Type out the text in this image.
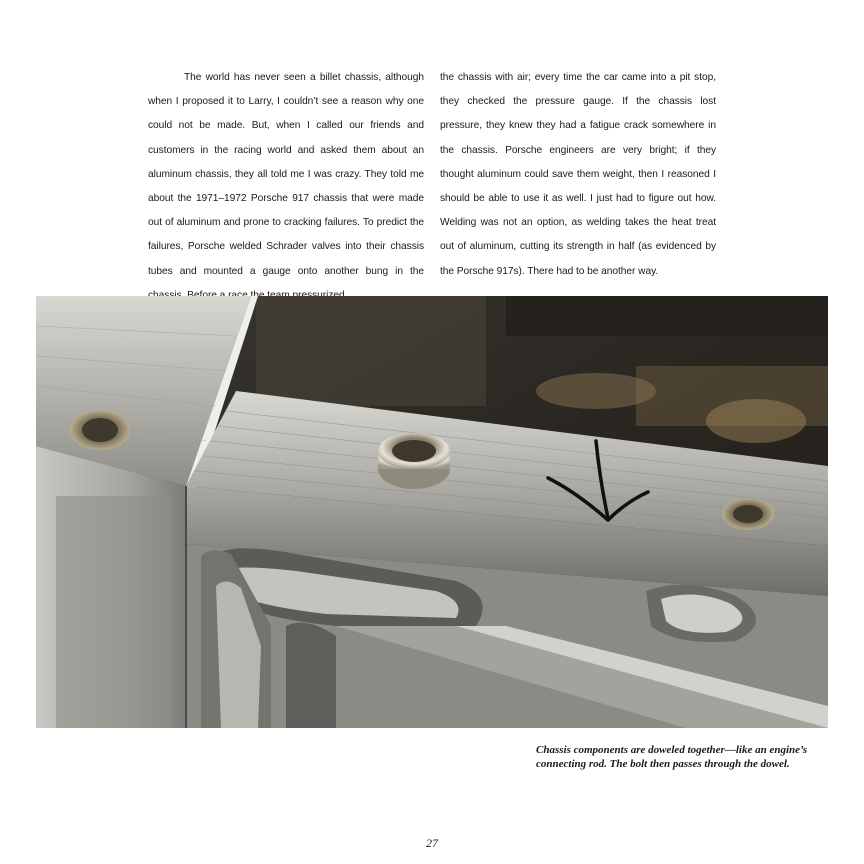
The world has never seen a billet chassis, although when I proposed it to Larry, I couldn’t see a reason why one could not be made. But, when I called our friends and customers in the racing world and asked them about an aluminum chassis, they all told me I was crazy. They told me about the 1971–1972 Porsche 917 chassis that were made out of aluminum and prone to cracking failures. To predict the failures, Porsche welded Schrader valves into their chassis tubes and mounted a gauge onto another bung in the

the chassis with air; every time the car came into a pit stop, they checked the pressure gauge. If the chassis lost pressure, they knew they had a fatigue crack somewhere in the chassis. Porsche engineers are very bright; if they thought aluminum could save them weight, then I reasoned I should be able to use it as well. I just had to figure out how. Welding was not an option, as welding takes the heat treat out of aluminum, cutting its strength in half (as evidenced by the Porsche 917s). There had to be another way.

Chassis components are doweled together—like an engine’s connecting rod. The bolt then passes through the dowel.
27
